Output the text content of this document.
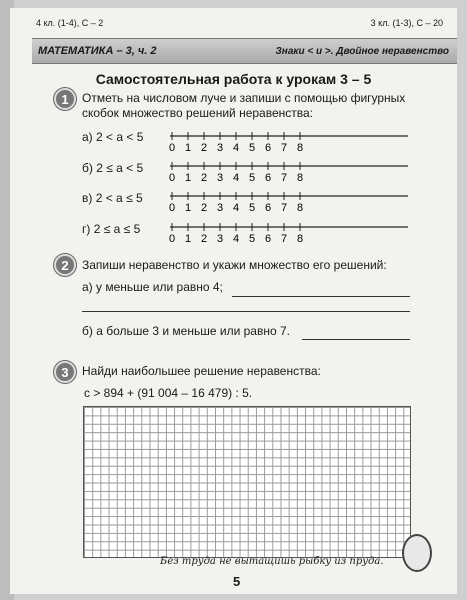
4 кл. (1-4), С – 2	3 кл. (1-3), С – 20
МАТЕМАТИКА – 3, ч. 2	Знаки < и >. Двойное неравенство
Самостоятельная работа к урокам 3 – 5
1	Отметь на числовом луче и запиши с помощью фигурных
скобок множество решений неравенства:
а) 2 < a < 5
0 1 2 3 4 5 6 7 8
б) 2 ≤ a < 5
0 1 2 3 4 5 6 7 8
в) 2 < a ≤ 5
0 1 2 3 4 5 6 7 8
г) 2 ≤ a ≤ 5
0 1 2 3 4 5 6 7 8
2	Запиши неравенство и укажи множество его решений:
а) y меньше или равно 4;
б) a больше 3 и меньше или равно 7.
3	Найди наибольшее решение неравенства:
c > 894 + (91 004 – 16 479) : 5.
Без труда не вытащишь рыбку из пруда.
5
